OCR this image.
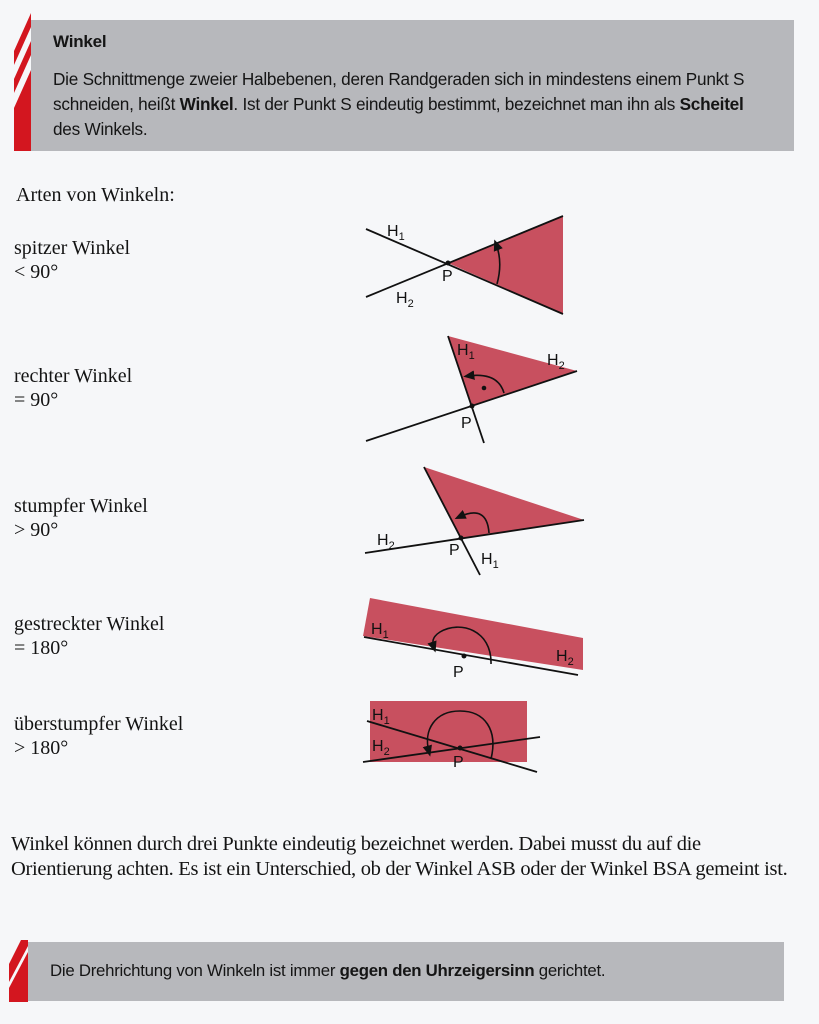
Winkel
Die Schnittmenge zweier Halbebenen, deren Randgeraden sich in mindestens einem Punkt S schneiden, heißt Winkel. Ist der Punkt S eindeutig bestimmt, bezeichnet man ihn als Scheitel des Winkels.
Arten von Winkeln:
spitzer Winkel
< 90°
rechter Winkel
= 90°
stumpfer Winkel
> 90°
gestreckter Winkel
= 180°
überstumpfer Winkel
> 180°
$H_1$
$H_2$
P
$H_1$	$H_2$
P
$H_2$
$H_1$
P
$H_1$
$H_2$
P
$H_1$
$H_2$
P
Winkel können durch drei Punkte eindeutig bezeichnet werden. Dabei musst du auf die Orientierung achten. Es ist ein Unterschied, ob der Winkel ASB oder der Winkel BSA gemeint ist.
Die Drehrichtung von Winkeln ist immer gegen den Uhrzeigersinn gerichtet.
